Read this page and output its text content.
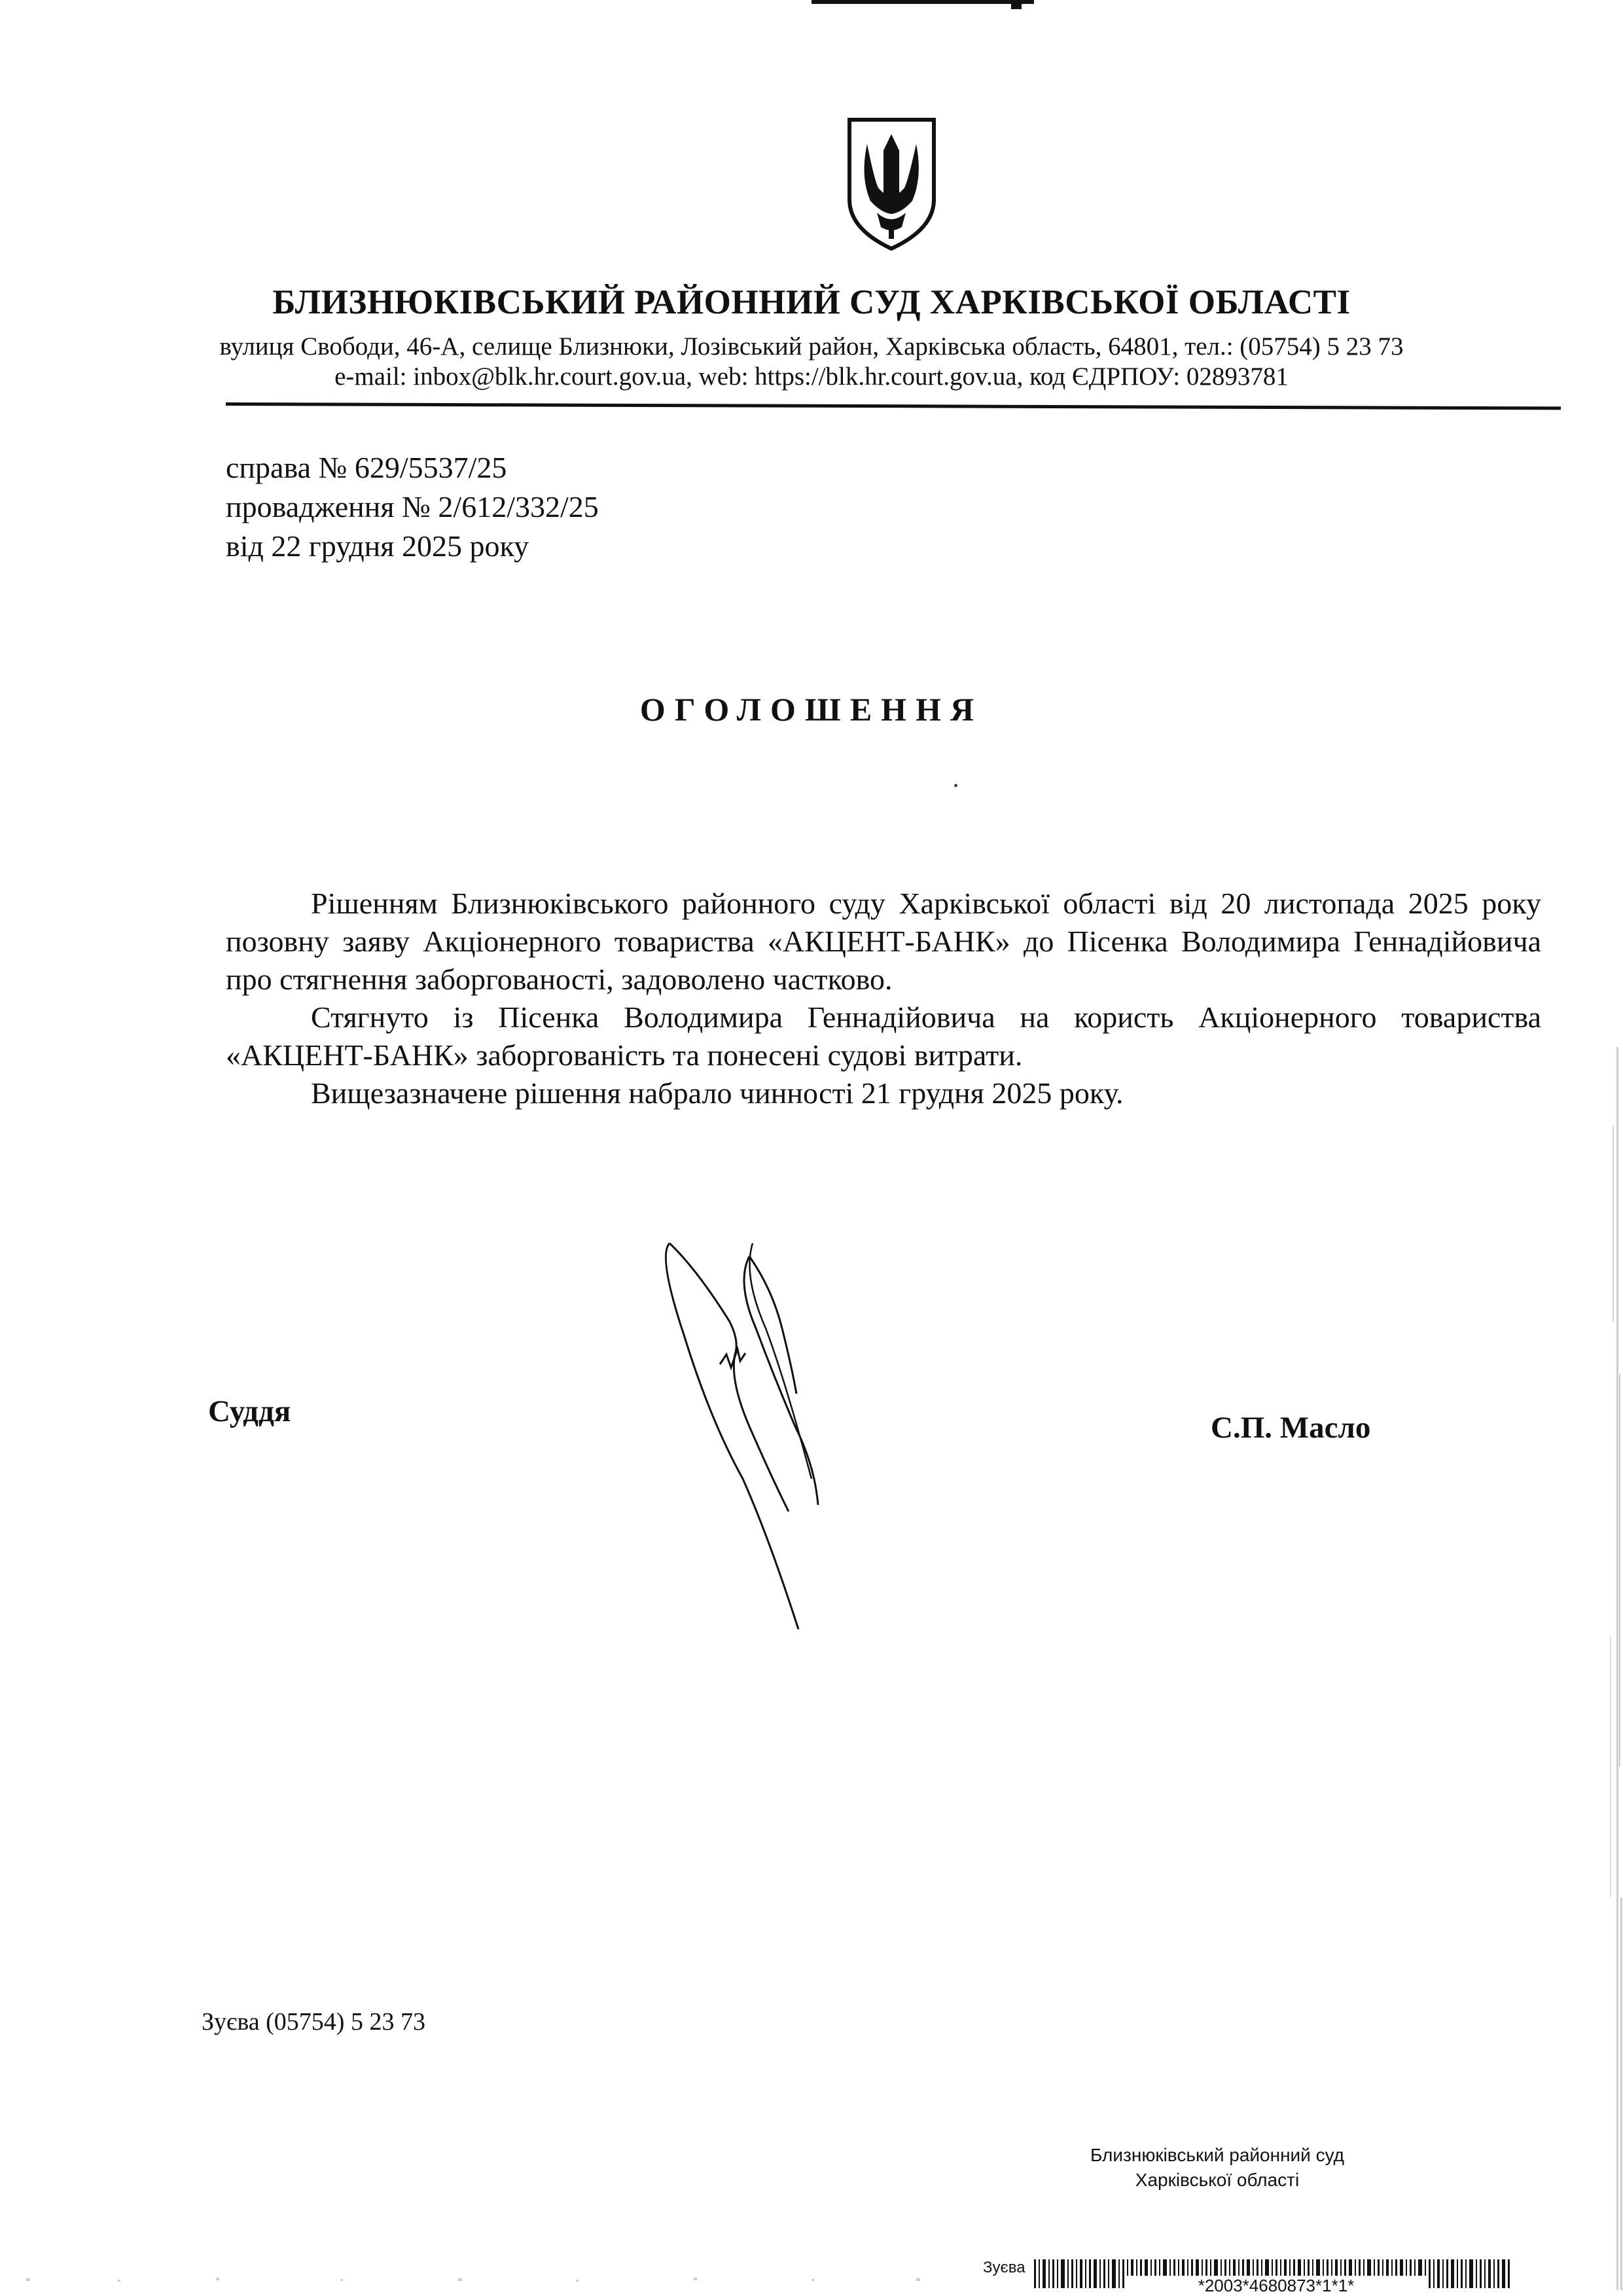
БЛИЗНЮКІВСЬКИЙ РАЙОННИЙ СУД ХАРКІВСЬКОЇ ОБЛАСТІ
вулиця Свободи, 46-А, селище Близнюки, Лозівський район, Харківська область, 64801, тел.: (05754) 5 23 73
e-mail: inbox@blk.hr.court.gov.ua, web: https://blk.hr.court.gov.ua, код ЄДРПОУ: 02893781
справа № 629/5537/25
провадження № 2/612/332/25
від 22 грудня 2025 року
ОГОЛОШЕННЯ

Рішенням Близнюківського районного суду Харківської області від 20 листопада 2025 року позовну заяву Акціонерного товариства «АКЦЕНТ-БАНК» до Пісенка Володимира Геннадійовича про стягнення заборгованості, задоволено частково.

Стягнуто із Пісенка Володимира Геннадійовича на користь Акціонерного товариства «АКЦЕНТ-БАНК» заборгованість та понесені судові витрати.

Вищезазначене рішення набрало чинності 21 грудня 2025 року.

Суддя	С.П. Масло
Зуєва (05754) 5 23 73
Близнюківський районний суд
Харківської області
Зуєва
*2003*4680873*1*1*
